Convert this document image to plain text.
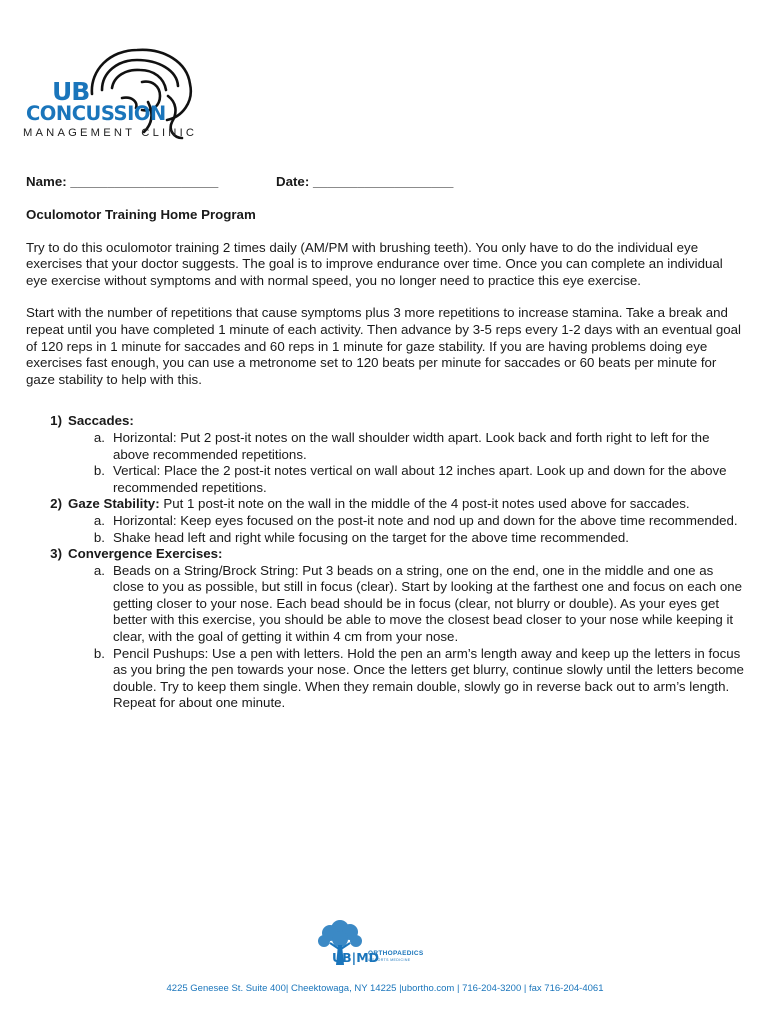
UB
CONCUSSION
MANAGEMENT CLINIC
Name: ____________________	Date: ___________________
Oculomotor Training Home Program
Try to do this oculomotor training 2 times daily (AM/PM with brushing teeth). You only have to do the individual eye exercises that your doctor suggests. The goal is to improve endurance over time. Once you can complete an individual eye exercise without symptoms and with normal speed, you no longer need to practice this eye exercise.
Start with the number of repetitions that cause symptoms plus 3 more repetitions to increase stamina. Take a break and repeat until you have completed 1 minute of each activity. Then advance by 3-5 reps every 1-2 days with an eventual goal of 120 reps in 1 minute for saccades and 60 reps in 1 minute for gaze stability. If you are having problems doing eye exercises fast enough, you can use a metronome set to 120 beats per minute for saccades or 60 beats per minute for gaze stability to help with this.
1) Saccades:
a. Horizontal: Put 2 post-it notes on the wall shoulder width apart. Look back and forth right to left for the above recommended repetitions.
b. Vertical: Place the 2 post-it notes vertical on wall about 12 inches apart. Look up and down for the above recommended repetitions.
2) Gaze Stability: Put 1 post-it note on the wall in the middle of the 4 post-it notes used above for saccades.
a. Horizontal: Keep eyes focused on the post-it note and nod up and down for the above time recommended.
b. Shake head left and right while focusing on the target for the above time recommended.
3) Convergence Exercises:
a. Beads on a String/Brock String: Put 3 beads on a string, one on the end, one in the middle and one as close to you as possible, but still in focus (clear). Start by looking at the farthest one and focus on each one getting closer to your nose. Each bead should be in focus (clear, not blurry or double). As your eyes get better with this exercise, you should be able to move the closest bead closer to your nose while keeping it clear, with the goal of getting it within 4 cm from your nose.
b. Pencil Pushups: Use a pen with letters. Hold the pen an arm’s length away and keep up the letters in focus as you bring the pen towards your nose. Once the letters get blurry, continue slowly until the letters become double. Try to keep them single. When they remain double, slowly go in reverse back out to arm’s length. Repeat for about one minute.
UB|MD
ORTHOPAEDICS
& SPORTS MEDICINE
4225 Genesee St. Suite 400| Cheektowaga, NY 14225 |ubortho.com | 716-204-3200 | fax 716-204-4061
